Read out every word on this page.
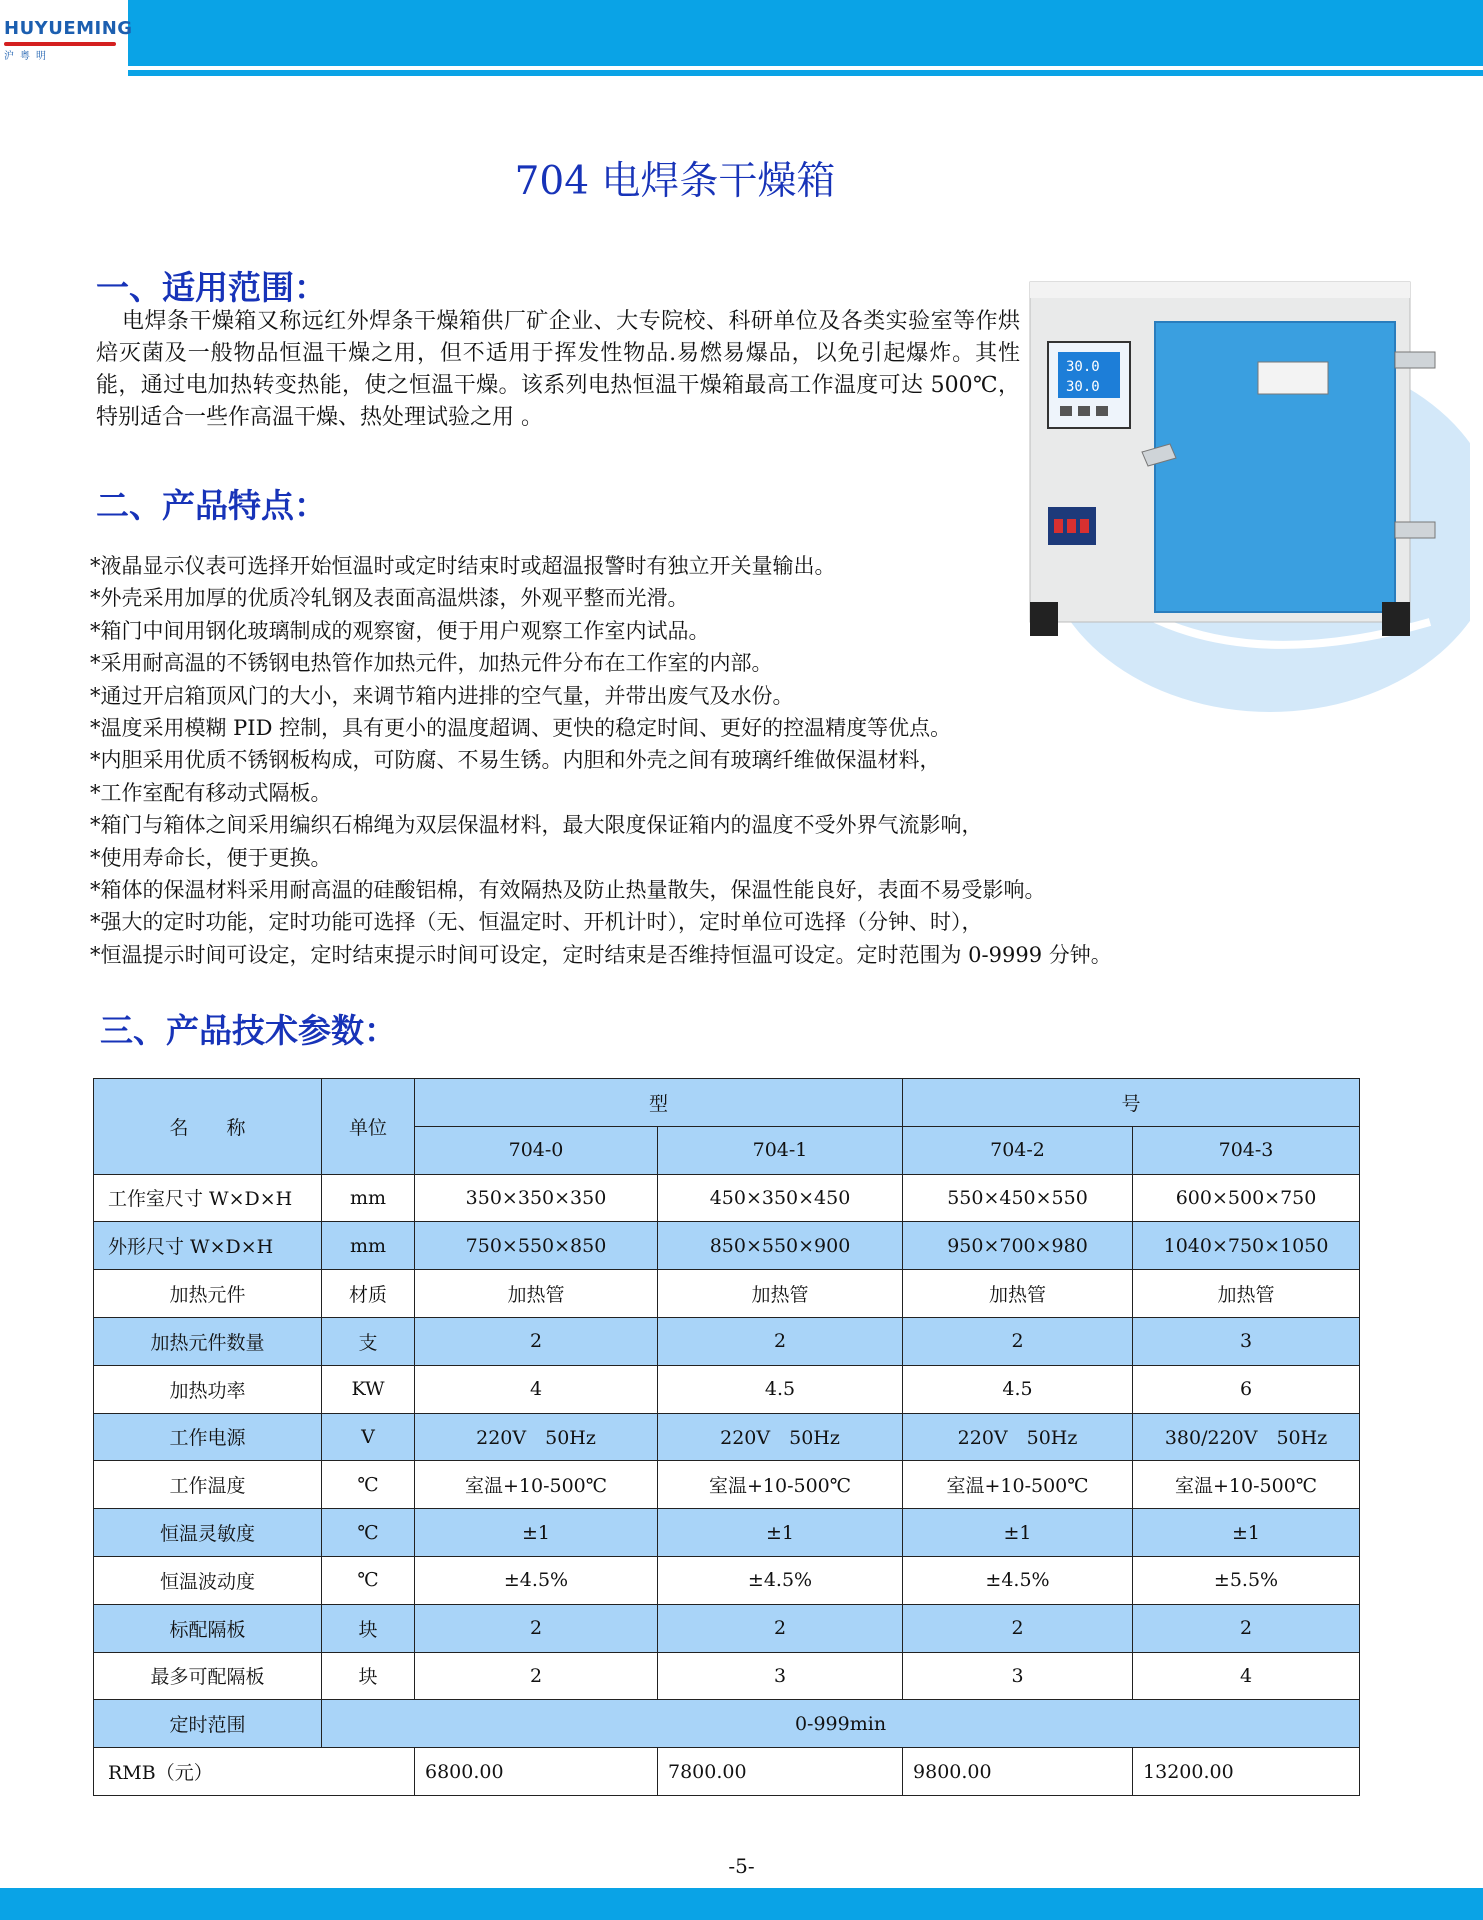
HUYUEMING
沪粤明
704 电焊条干燥箱
一、适用范围：

电焊条干燥箱又称远红外焊条干燥箱供厂矿企业、大专院校、科研单位及各类实验室等作烘焙灭菌及一般物品恒温干燥之用，但不适用于挥发性物品.易燃易爆品，以免引起爆炸。其性能，通过电加热转变热能，使之恒温干燥。该系列电热恒温干燥箱最高工作温度可达 500℃，特别适合一些作高温干燥、热处理试验之用 。

二、产品特点：
*液晶显示仪表可选择开始恒温时或定时结束时或超温报警时有独立开关量输出。
*外壳采用加厚的优质冷轧钢及表面高温烘漆，外观平整而光滑。
*箱门中间用钢化玻璃制成的观察窗，便于用户观察工作室内试品。
*采用耐高温的不锈钢电热管作加热元件，加热元件分布在工作室的内部。
*通过开启箱顶风门的大小，来调节箱内进排的空气量，并带出废气及水份。
*温度采用模糊 PID 控制，具有更小的温度超调、更快的稳定时间、更好的控温精度等优点。
*内胆采用优质不锈钢板构成，可防腐、不易生锈。内胆和外壳之间有玻璃纤维做保温材料，
*工作室配有移动式隔板。
*箱门与箱体之间采用编织石棉绳为双层保温材料，最大限度保证箱内的温度不受外界气流影响，
*使用寿命长，便于更换。
*箱体的保温材料采用耐高温的硅酸铝棉，有效隔热及防止热量散失，保温性能良好，表面不易受影响。
*强大的定时功能，定时功能可选择（无、恒温定时、开机计时），定时单位可选择（分钟、时），
*恒温提示时间可设定，定时结束提示时间可设定，定时结束是否维持恒温可设定。定时范围为 0-9999 分钟。
30.0
30.0
三、产品技术参数：
名　　称	单位	型		号	
		704-0	704-1	704-2	704-3
工作室尺寸 W×D×H	mm	350×350×350	450×350×450	550×450×550	600×500×750
外形尺寸 W×D×H	mm	750×550×850	850×550×900	950×700×980	1040×750×1050
加热元件	材质	加热管	加热管	加热管	加热管
加热元件数量	支	2	2	2	3
加热功率	KW	4	4.5	4.5	6
工作电源	V	220V　50Hz	220V　50Hz	220V　50Hz	380/220V　50Hz
工作温度	℃	室温+10-500℃	室温+10-500℃	室温+10-500℃	室温+10-500℃
恒温灵敏度	℃	±1	±1	±1	±1
恒温波动度	℃	±4.5%	±4.5%	±4.5%	±5.5%
标配隔板	块	2	2	2	2
最多可配隔板	块	2	3	3	4
定时范围	0-999min				
RMB（元）		6800.00	7800.00	9800.00	13200.00
-5-
